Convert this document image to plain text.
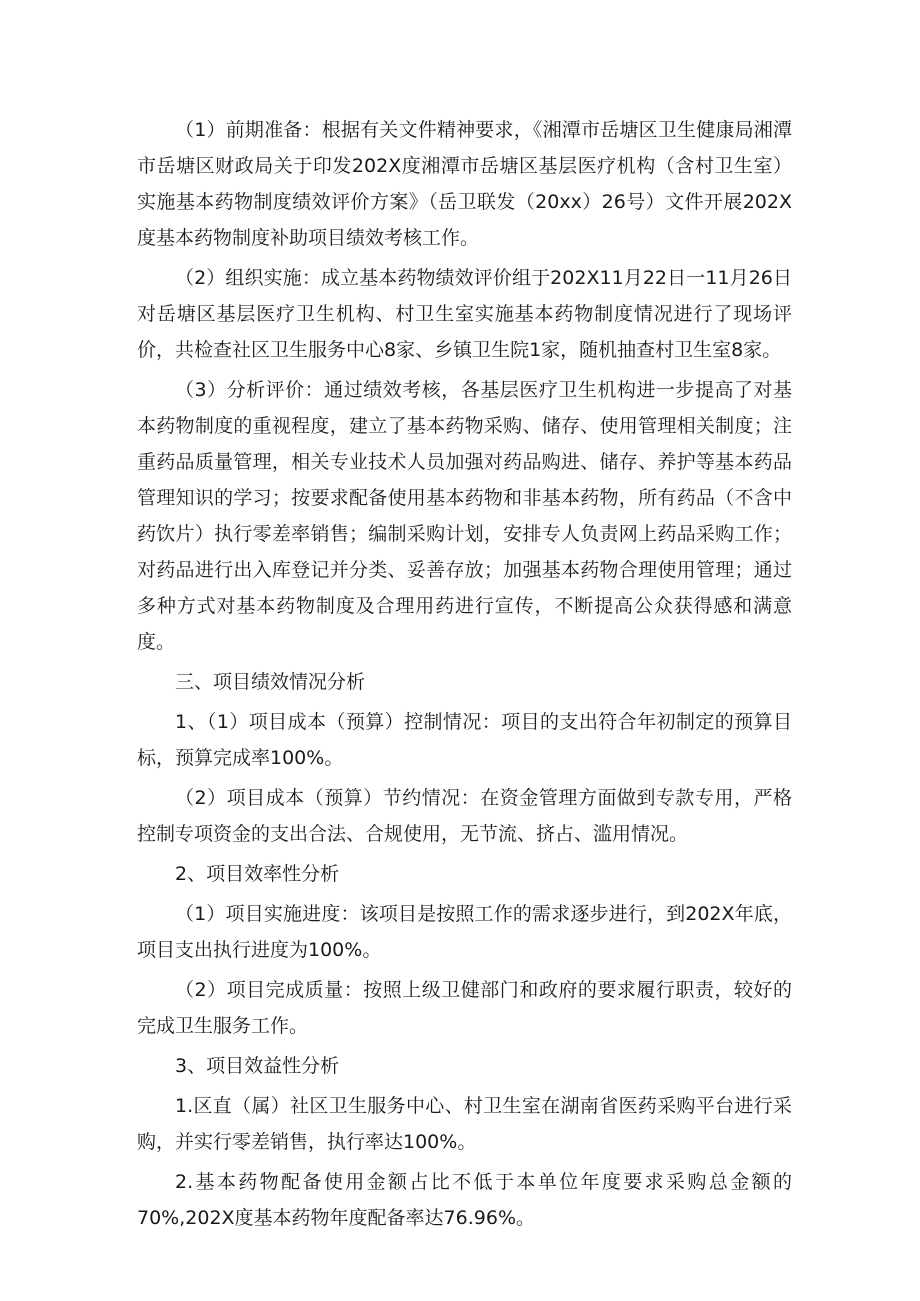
（1）前期准备：根据有关文件精神要求，《湘潭市岳塘区卫生健康局湘潭市岳塘区财政局关于印发202X度湘潭市岳塘区基层医疗机构（含村卫生室）实施基本药物制度绩效评价方案》（岳卫联发（20xx）26号）文件开展202X度基本药物制度补助项目绩效考核工作。

（2）组织实施：成立基本药物绩效评价组于202X11月22日一11月26日对岳塘区基层医疗卫生机构、村卫生室实施基本药物制度情况进行了现场评价，共检查社区卫生服务中心8家、乡镇卫生院1家，随机抽查村卫生室8家。

（3）分析评价：通过绩效考核，各基层医疗卫生机构进一步提高了对基本药物制度的重视程度，建立了基本药物采购、储存、使用管理相关制度；注重药品质量管理，相关专业技术人员加强对药品购进、储存、养护等基本药品管理知识的学习；按要求配备使用基本药物和非基本药物，所有药品（不含中药饮片）执行零差率销售；编制采购计划，安排专人负责网上药品采购工作；对药品进行出入库登记并分类、妥善存放；加强基本药物合理使用管理；通过多种方式对基本药物制度及合理用药进行宣传，不断提高公众获得感和满意度。

三、项目绩效情况分析

1、（1）项目成本（预算）控制情况：项目的支出符合年初制定的预算目标，预算完成率100%。

（2）项目成本（预算）节约情况：在资金管理方面做到专款专用，严格控制专项资金的支出合法、合规使用，无节流、挤占、滥用情况。

2、项目效率性分析

（1）项目实施进度：该项目是按照工作的需求逐步进行，到202X年底，项目支出执行进度为100%。

（2）项目完成质量：按照上级卫健部门和政府的要求履行职责，较好的完成卫生服务工作。

3、项目效益性分析

1.区直（属）社区卫生服务中心、村卫生室在湖南省医药采购平台进行采购，并实行零差销售，执行率达100%。

2.基本药物配备使用金额占比不低于本单位年度要求采购总金额的70%,202X度基本药物年度配备率达76.96%。
